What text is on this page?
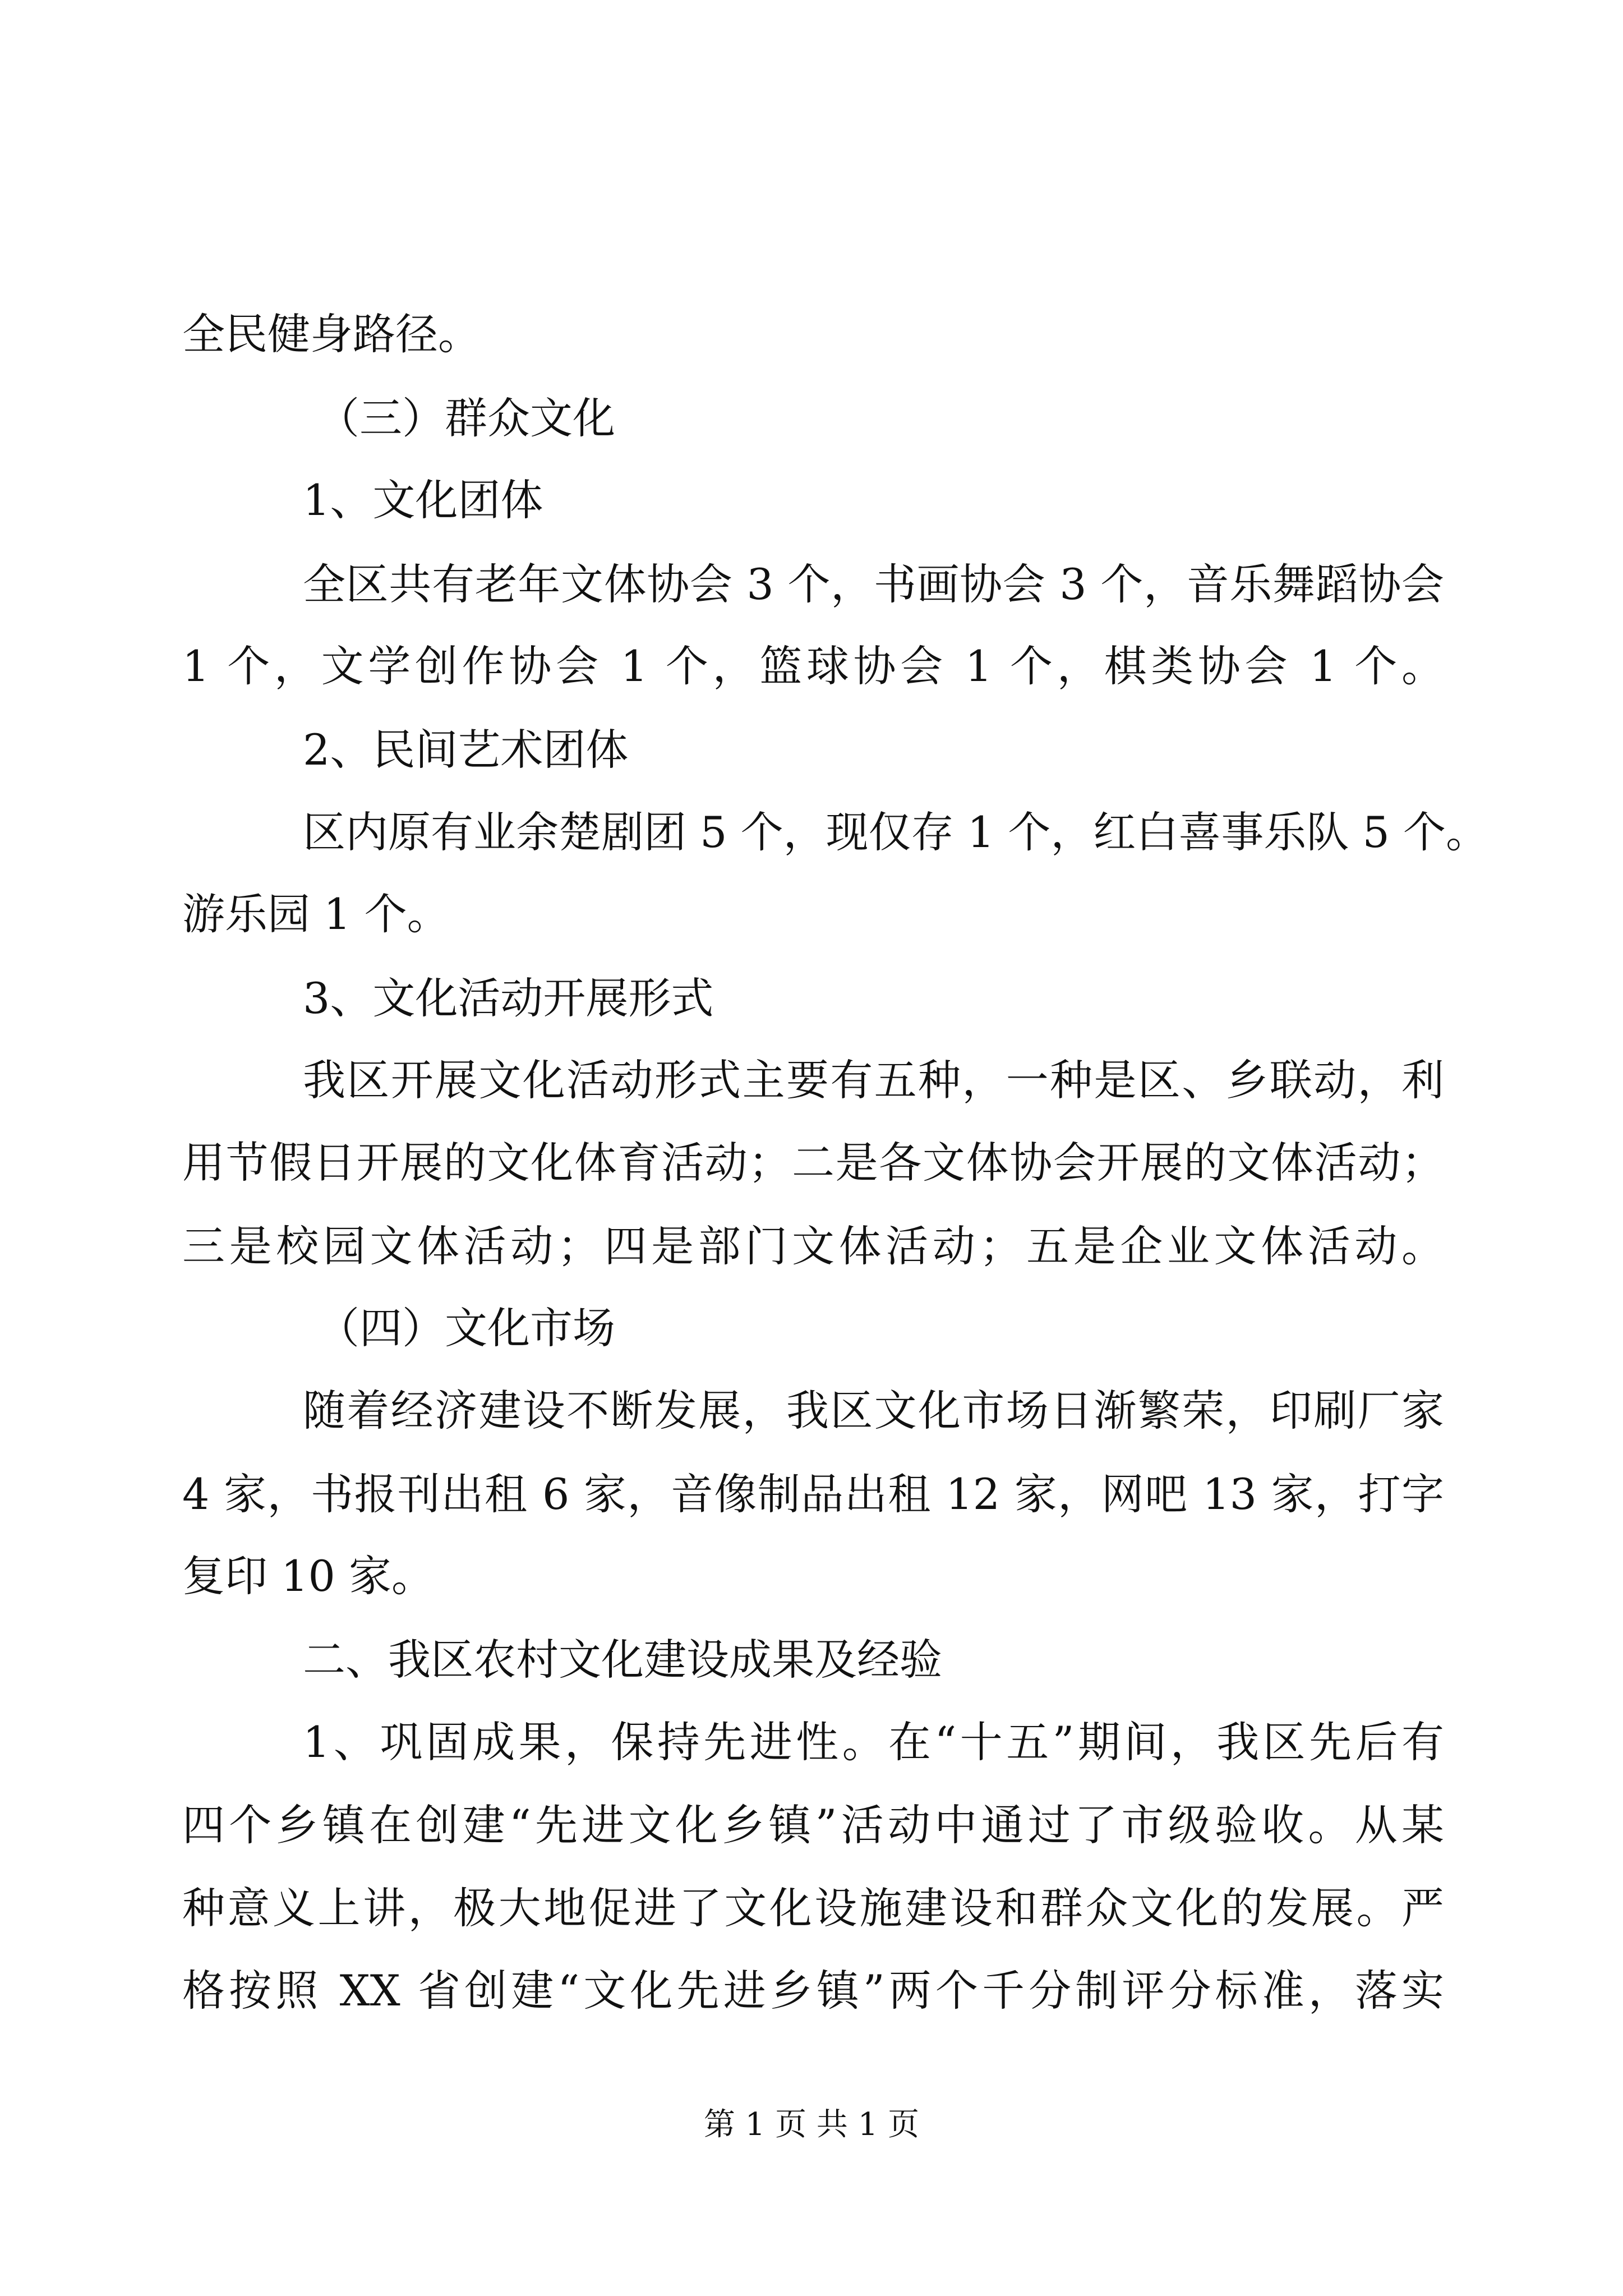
全民健身路径。

（三）群众文化

1、文化团体

全区共有老年文体协会 3 个，书画协会 3 个，音乐舞蹈协会

1 个，文学创作协会 1 个，篮球协会 1 个，棋类协会 1 个。

2、民间艺术团体

区内原有业余楚剧团 5 个，现仅存 1 个，红白喜事乐队 5 个。

游乐园 1 个。

3、文化活动开展形式

我区开展文化活动形式主要有五种，一种是区、乡联动，利

用节假日开展的文化体育活动；二是各文体协会开展的文体活动；

三是校园文体活动；四是部门文体活动；五是企业文体活动。

（四）文化市场

随着经济建设不断发展，我区文化市场日渐繁荣，印刷厂家

4 家，书报刊出租 6 家，音像制品出租 12 家，网吧 13 家，打字

复印 10 家。

二、我区农村文化建设成果及经验

1、巩固成果，保持先进性。在“十五”期间，我区先后有

四个乡镇在创建“先进文化乡镇”活动中通过了市级验收。从某

种意义上讲，极大地促进了文化设施建设和群众文化的发展。严

格按照 XX 省创建“文化先进乡镇”两个千分制评分标准，落实

第 1 页 共 1 页
